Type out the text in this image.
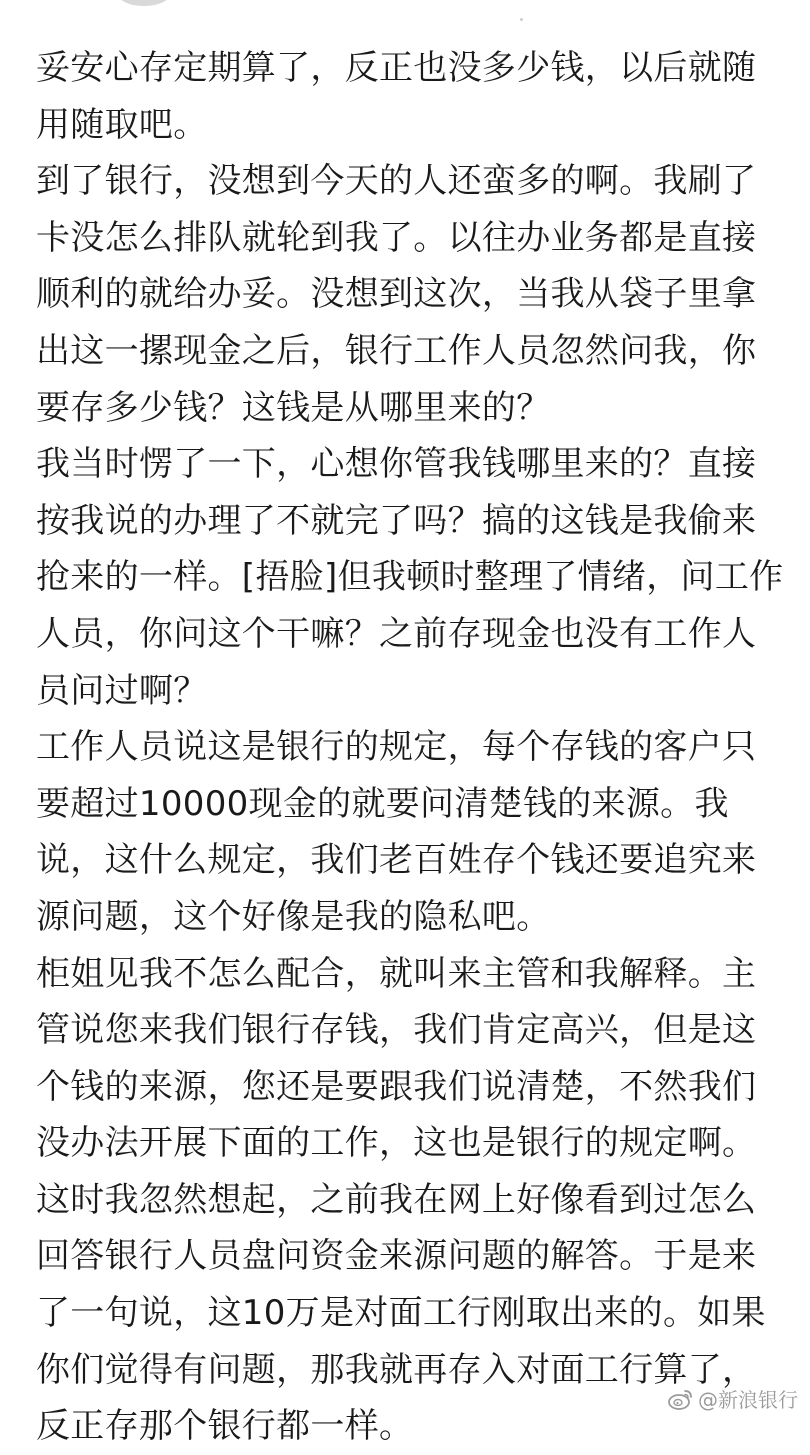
妥安心存定期算了，反正也没多少钱，以后就随

用随取吧。

到了银行，没想到今天的人还蛮多的啊。我刷了

卡没怎么排队就轮到我了。以往办业务都是直接

顺利的就给办妥。没想到这次，当我从袋子里拿

出这一摞现金之后，银行工作人员忽然问我，你

要存多少钱？这钱是从哪里来的？

我当时愣了一下，心想你管我钱哪里来的？直接

按我说的办理了不就完了吗？搞的这钱是我偷来

抢来的一样。[捂脸]但我顿时整理了情绪，问工作

人员，你问这个干嘛？之前存现金也没有工作人

员问过啊？

工作人员说这是银行的规定，每个存钱的客户只

要超过10000现金的就要问清楚钱的来源。我

说，这什么规定，我们老百姓存个钱还要追究来

源问题，这个好像是我的隐私吧。

柜姐见我不怎么配合，就叫来主管和我解释。主

管说您来我们银行存钱，我们肯定高兴，但是这

个钱的来源，您还是要跟我们说清楚，不然我们

没办法开展下面的工作，这也是银行的规定啊。

这时我忽然想起，之前我在网上好像看到过怎么

回答银行人员盘问资金来源问题的解答。于是来

了一句说，这10万是对面工行刚取出来的。如果

你们觉得有问题，那我就再存入对面工行算了，

反正存那个银行都一样。

@新浪银行
